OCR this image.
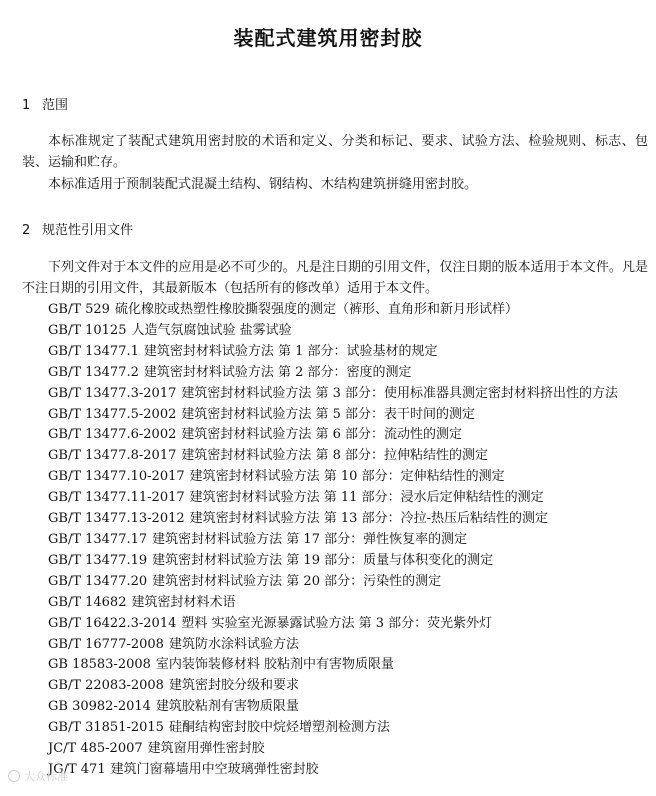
装配式建筑用密封胶
1 范围
本标准规定了装配式建筑用密封胶的术语和定义、分类和标记、要求、试验方法、检验规则、标志、包装、运输和贮存。
本标准适用于预制装配式混凝土结构、钢结构、木结构建筑拼缝用密封胶。
2 规范性引用文件
下列文件对于本文件的应用是必不可少的。凡是注日期的引用文件，仅注日期的版本适用于本文件。凡是不注日期的引用文件，其最新版本（包括所有的修改单）适用于本文件。
GB/T 529 硫化橡胶或热塑性橡胶撕裂强度的测定（裤形、直角形和新月形试样）
GB/T 10125 人造气氛腐蚀试验 盐雾试验
GB/T 13477.1 建筑密封材料试验方法 第 1 部分：试验基材的规定
GB/T 13477.2 建筑密封材料试验方法 第 2 部分：密度的测定
GB/T 13477.3-2017 建筑密封材料试验方法 第 3 部分：使用标准器具测定密封材料挤出性的方法
GB/T 13477.5-2002 建筑密封材料试验方法 第 5 部分：表干时间的测定
GB/T 13477.6-2002 建筑密封材料试验方法 第 6 部分：流动性的测定
GB/T 13477.8-2017 建筑密封材料试验方法 第 8 部分：拉伸粘结性的测定
GB/T 13477.10-2017 建筑密封材料试验方法 第 10 部分：定伸粘结性的测定
GB/T 13477.11-2017 建筑密封材料试验方法 第 11 部分：浸水后定伸粘结性的测定
GB/T 13477.13-2012 建筑密封材料试验方法 第 13 部分：冷拉-热压后粘结性的测定
GB/T 13477.17 建筑密封材料试验方法 第 17 部分：弹性恢复率的测定
GB/T 13477.19 建筑密封材料试验方法 第 19 部分：质量与体积变化的测定
GB/T 13477.20 建筑密封材料试验方法 第 20 部分：污染性的测定
GB/T 14682 建筑密封材料术语
GB/T 16422.3-2014 塑料 实验室光源暴露试验方法 第 3 部分：荧光紫外灯
GB/T 16777-2008 建筑防水涂料试验方法
GB 18583-2008 室内装饰装修材料 胶粘剂中有害物质限量
GB/T 22083-2008 建筑密封胶分级和要求
GB 30982-2014 建筑胶粘剂有害物质限量
GB/T 31851-2015 硅酮结构密封胶中烷烃增塑剂检测方法
JC/T 485-2007 建筑窗用弹性密封胶
JG/T 471 建筑门窗幕墙用中空玻璃弹性密封胶
大众标准
